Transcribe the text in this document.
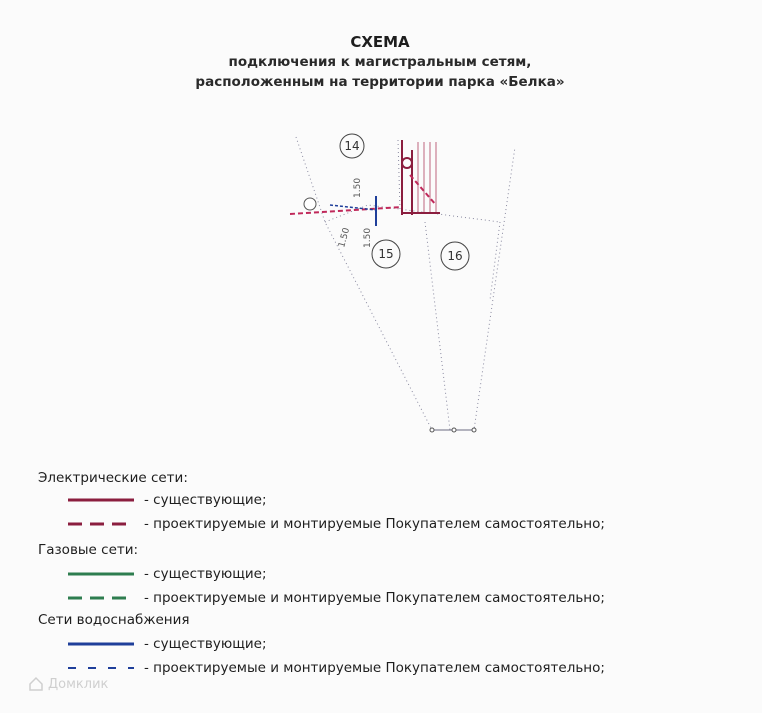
СХЕМА
подключения к магистральным сетям,
расположенным на территории парка «Белка»
14
15	16
1.50
1.50
1.50
Электрические сети:
- существующие;
- проектируемые и монтируемые Покупателем самостоятельно;
Газовые сети:
- существующие;
- проектируемые и монтируемые Покупателем самостоятельно;
Сети водоснабжения
- существующие;
- проектируемые и монтируемые Покупателем самостоятельно;
Домклик
